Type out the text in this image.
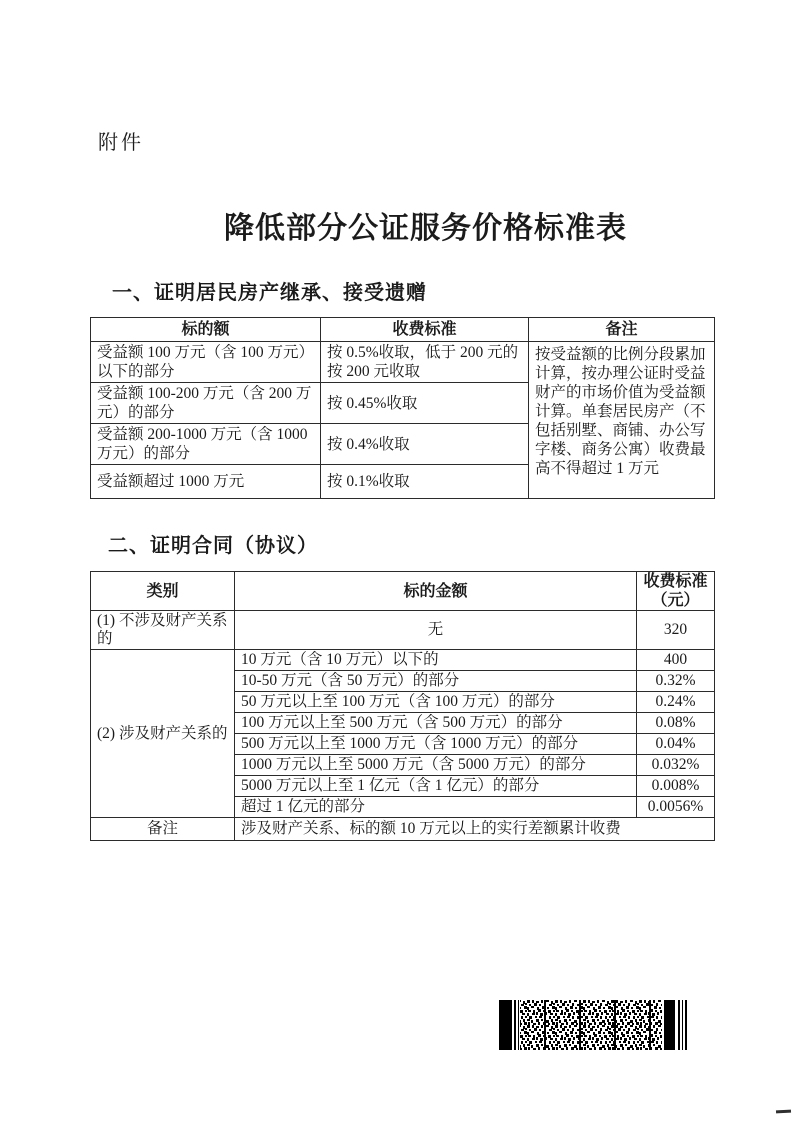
附件
降低部分公证服务价格标准表
一、证明居民房产继承、接受遗赠
标的额	收费标准	备注
受益额 100 万元（含 100 万元）以下的部分	按 0.5%收取，低于 200 元的按 200 元收取	按受益额的比例分段累加计算，按办理公证时受益财产的市场价值为受益额计算。单套居民房产（不包括别墅、商铺、办公写字楼、商务公寓）收费最高不得超过 1 万元
受益额 100-200 万元（含 200 万元）的部分	按 0.45%收取	
受益额 200-1000 万元（含 1000 万元）的部分	按 0.4%收取	
受益额超过 1000 万元	按 0.1%收取	
二、证明合同（协议）
类别	标的金额	收费标准（元）
(1) 不涉及财产关系的	无	320
(2) 涉及财产关系的	10 万元（含 10 万元）以下的	400
	10-50 万元（含 50 万元）的部分	0.32%
	50 万元以上至 100 万元（含 100 万元）的部分	0.24%
	100 万元以上至 500 万元（含 500 万元）的部分	0.08%
	500 万元以上至 1000 万元（含 1000 万元）的部分	0.04%
	1000 万元以上至 5000 万元（含 5000 万元）的部分	0.032%
	5000 万元以上至 1 亿元（含 1 亿元）的部分	0.008%
	超过 1 亿元的部分	0.0056%
备注	涉及财产关系、标的额 10 万元以上的实行差额累计收费	
